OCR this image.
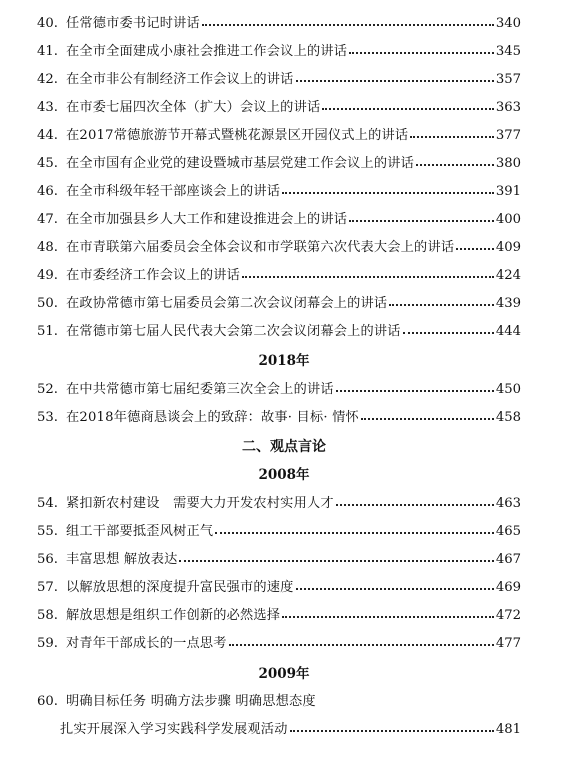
40. 任常德市委书记时讲话	340
41. 在全市全面建成小康社会推进工作会议上的讲话	345
42. 在全市非公有制经济工作会议上的讲话	357
43. 在市委七届四次全体（扩大）会议上的讲话	363
44. 在2017常德旅游节开幕式暨桃花源景区开园仪式上的讲话	377
45. 在全市国有企业党的建设暨城市基层党建工作会议上的讲话	380
46. 在全市科级年轻干部座谈会上的讲话	391
47. 在全市加强县乡人大工作和建设推进会上的讲话	400
48. 在市青联第六届委员会全体会议和市学联第六次代表大会上的讲话	409
49. 在市委经济工作会议上的讲话	424
50. 在政协常德市第七届委员会第二次会议闭幕会上的讲话	439
51. 在常德市第七届人民代表大会第二次会议闭幕会上的讲话	444
2018年
52. 在中共常德市第七届纪委第三次全会上的讲话	450
53. 在2018年德商恳谈会上的致辞：故事· 目标· 情怀	458
二、观点言论
2008年
54. 紧扣新农村建设　需要大力开发农村实用人才	463
55. 组工干部要抵歪风树正气	465
56. 丰富思想 解放表达	467
57. 以解放思想的深度提升富民强市的速度	469
58. 解放思想是组织工作创新的必然选择	472
59. 对青年干部成长的一点思考	477
2009年
60. 明确目标任务 明确方法步骤 明确思想态度
扎实开展深入学习实践科学发展观活动	481
